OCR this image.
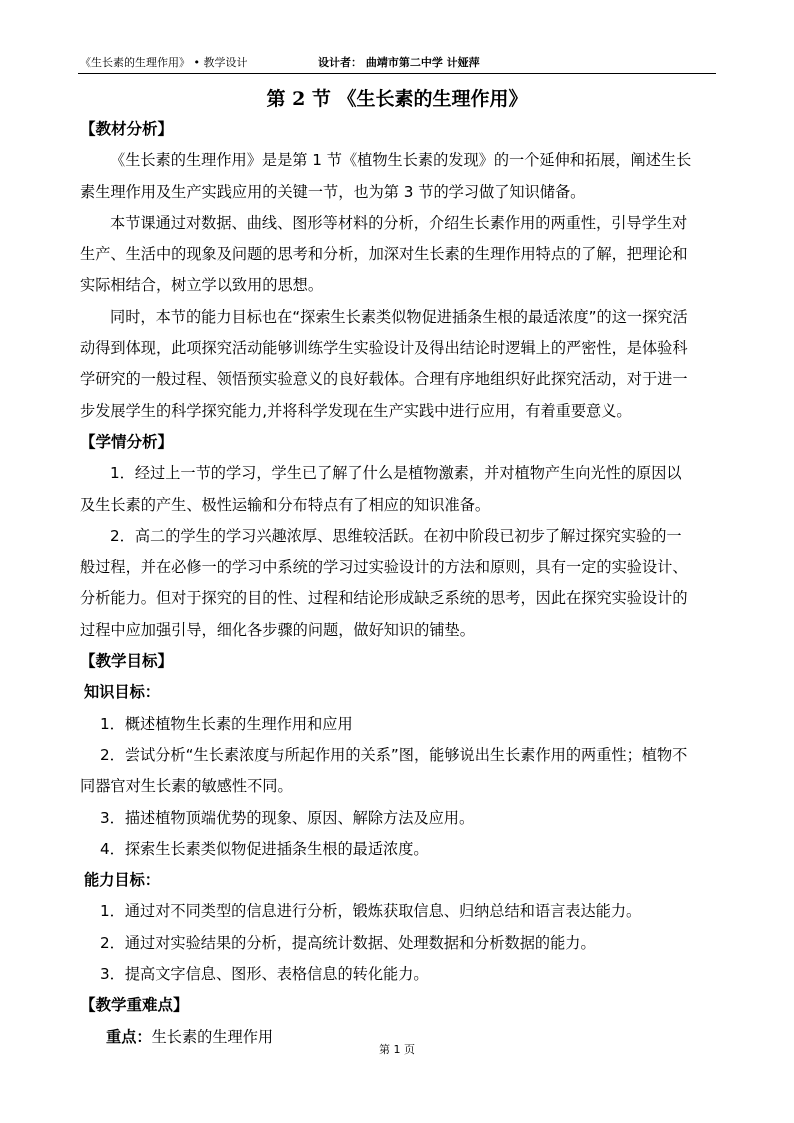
《生长素的生理作用》 • 教学设计	设计者： 曲靖市第二中学 计娅萍
第 2 节 《生长素的生理作用》
【教材分析】
《生长素的生理作用》是是第 1 节《植物生长素的发现》的一个延伸和拓展，阐述生长
素生理作用及生产实践应用的关键一节，也为第 3 节的学习做了知识储备。
本节课通过对数据、曲线、图形等材料的分析，介绍生长素作用的两重性，引导学生对
生产、生活中的现象及问题的思考和分析，加深对生长素的生理作用特点的了解，把理论和
实际相结合，树立学以致用的思想。
同时，本节的能力目标也在“探索生长素类似物促进插条生根的最适浓度”的这一探究活
动得到体现，此项探究活动能够训练学生实验设计及得出结论时逻辑上的严密性，是体验科
学研究的一般过程、领悟预实验意义的良好载体。合理有序地组织好此探究活动，对于进一
步发展学生的科学探究能力,并将科学发现在生产实践中进行应用，有着重要意义。
【学情分析】
1．经过上一节的学习，学生已了解了什么是植物激素，并对植物产生向光性的原因以
及生长素的产生、极性运输和分布特点有了相应的知识准备。
2．高二的学生的学习兴趣浓厚、思维较活跃。在初中阶段已初步了解过探究实验的一
般过程，并在必修一的学习中系统的学习过实验设计的方法和原则，具有一定的实验设计、
分析能力。但对于探究的目的性、过程和结论形成缺乏系统的思考，因此在探究实验设计的
过程中应加强引导，细化各步骤的问题，做好知识的铺垫。
【教学目标】
知识目标：
1．概述植物生长素的生理作用和应用
2．尝试分析“生长素浓度与所起作用的关系”图，能够说出生长素作用的两重性；植物不
同器官对生长素的敏感性不同。
3．描述植物顶端优势的现象、原因、解除方法及应用。
4．探索生长素类似物促进插条生根的最适浓度。
能力目标：
1．通过对不同类型的信息进行分析，锻炼获取信息、归纳总结和语言表达能力。
2．通过对实验结果的分析，提高统计数据、处理数据和分析数据的能力。
3．提高文字信息、图形、表格信息的转化能力。
【教学重难点】
重点：生长素的生理作用
第 1 页
